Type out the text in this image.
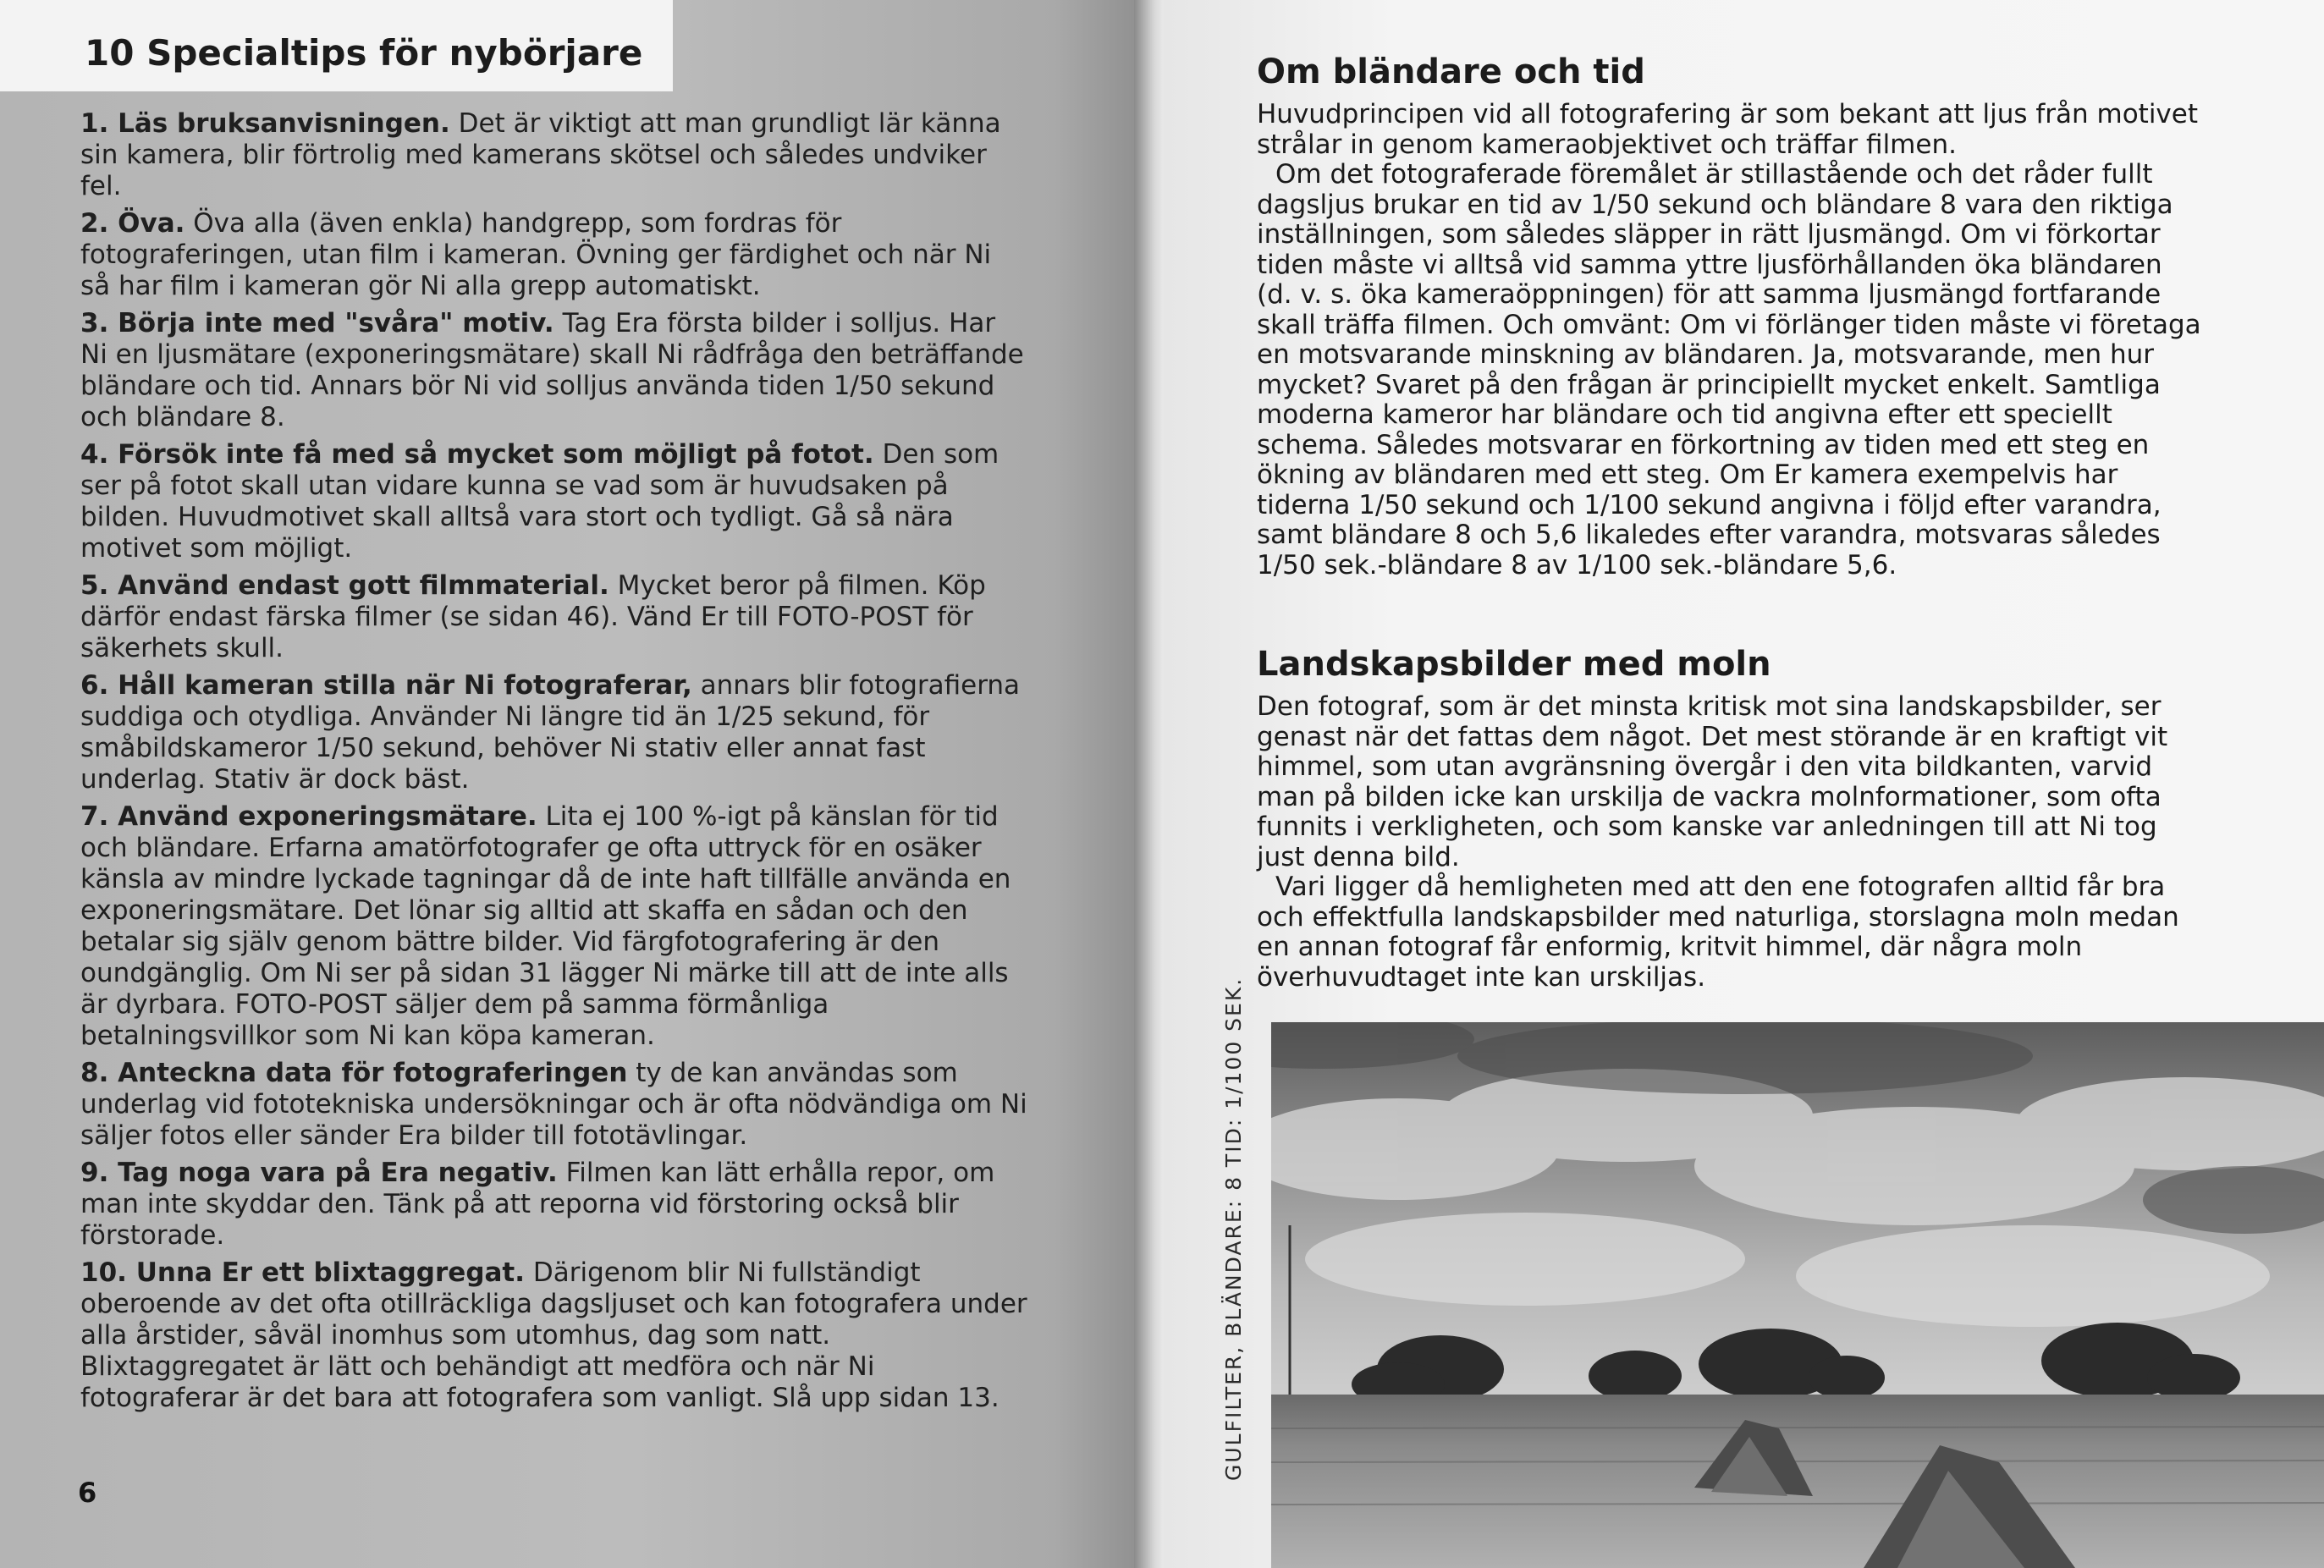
10 Specialtips för nybörjare

1. Läs bruksanvisningen. Det är viktigt att man grundligt lär känna sin kamera, blir förtrolig med kamerans skötsel och således undviker fel.

2. Öva. Öva alla (även enkla) handgrepp, som fordras för fotograferingen, utan film i kameran. Övning ger färdighet och när Ni så har film i kameran gör Ni alla grepp automatiskt.

3. Börja inte med "svåra" motiv. Tag Era första bilder i solljus. Har Ni en ljusmätare (exponeringsmätare) skall Ni rådfråga den beträffande bländare och tid. Annars bör Ni vid solljus använda tiden 1/50 sekund och bländare 8.

4. Försök inte få med så mycket som möjligt på fotot. Den som ser på fotot skall utan vidare kunna se vad som är huvudsaken på bilden. Huvudmotivet skall alltså vara stort och tydligt. Gå så nära motivet som möjligt.

5. Använd endast gott filmmaterial. Mycket beror på filmen. Köp därför endast färska filmer (se sidan 46). Vänd Er till FOTO-POST för säkerhets skull.

6. Håll kameran stilla när Ni fotograferar, annars blir fotografierna suddiga och otydliga. Använder Ni längre tid än 1/25 sekund, för småbildskameror 1/50 sekund, behöver Ni stativ eller annat fast underlag. Stativ är dock bäst.

7. Använd exponeringsmätare. Lita ej 100 %-igt på känslan för tid och bländare. Erfarna amatörfotografer ge ofta uttryck för en osäker känsla av mindre lyckade tagningar då de inte haft tillfälle använda en exponeringsmätare. Det lönar sig alltid att skaffa en sådan och den betalar sig själv genom bättre bilder. Vid färgfotografering är den oundgänglig. Om Ni ser på sidan 31 lägger Ni märke till att de inte alls är dyrbara. FOTO-POST säljer dem på samma förmånliga betalningsvillkor som Ni kan köpa kameran.

8. Anteckna data för fotograferingen ty de kan användas som underlag vid fototekniska undersökningar och är ofta nödvändiga om Ni säljer fotos eller sänder Era bilder till fototävlingar.

9. Tag noga vara på Era negativ. Filmen kan lätt erhålla repor, om man inte skyddar den. Tänk på att reporna vid förstoring också blir förstorade.

10. Unna Er ett blixtaggregat. Därigenom blir Ni fullständigt oberoende av det ofta otillräckliga dagsljuset och kan fotografera under alla årstider, såväl inomhus som utomhus, dag som natt. Blixtaggregatet är lätt och behändigt att medföra och när Ni fotograferar är det bara att fotografera som vanligt. Slå upp sidan 13.

6
Om bländare och tid

Huvudprincipen vid all fotografering är som bekant att ljus från motivet strålar in genom kameraobjektivet och träffar filmen.

Om det fotograferade föremålet är stillastående och det råder fullt dagsljus brukar en tid av 1/50 sekund och bländare 8 vara den riktiga inställningen, som således släpper in rätt ljusmängd. Om vi förkortar tiden måste vi alltså vid samma yttre ljusförhållanden öka bländaren (d. v. s. öka kameraöppningen) för att samma ljusmängd fortfarande skall träffa filmen. Och omvänt: Om vi förlänger tiden måste vi företaga en motsvarande minskning av bländaren. Ja, motsvarande, men hur mycket? Svaret på den frågan är principiellt mycket enkelt. Samtliga moderna kameror har bländare och tid angivna efter ett speciellt schema. Således motsvarar en förkortning av tiden med ett steg en ökning av bländaren med ett steg. Om Er kamera exempelvis har tiderna 1/50 sekund och 1/100 sekund angivna i följd efter varandra, samt bländare 8 och 5,6 likaledes efter varandra, motsvaras således 1/50 sek.-bländare 8 av 1/100 sek.-bländare 5,6.

Landskapsbilder med moln

Den fotograf, som är det minsta kritisk mot sina landskapsbilder, ser genast när det fattas dem något. Det mest störande är en kraftigt vit himmel, som utan avgränsning övergår i den vita bildkanten, varvid man på bilden icke kan urskilja de vackra molnformationer, som ofta funnits i verkligheten, och som kanske var anledningen till att Ni tog just denna bild.

Vari ligger då hemligheten med att den ene fotografen alltid får bra och effektfulla landskapsbilder med naturliga, storslagna moln medan en annan fotograf får enformig, kritvit himmel, där några moln överhuvudtaget inte kan urskiljas.

GULFILTER, BLÄNDARE: 8 TID: 1/100 SEK.
